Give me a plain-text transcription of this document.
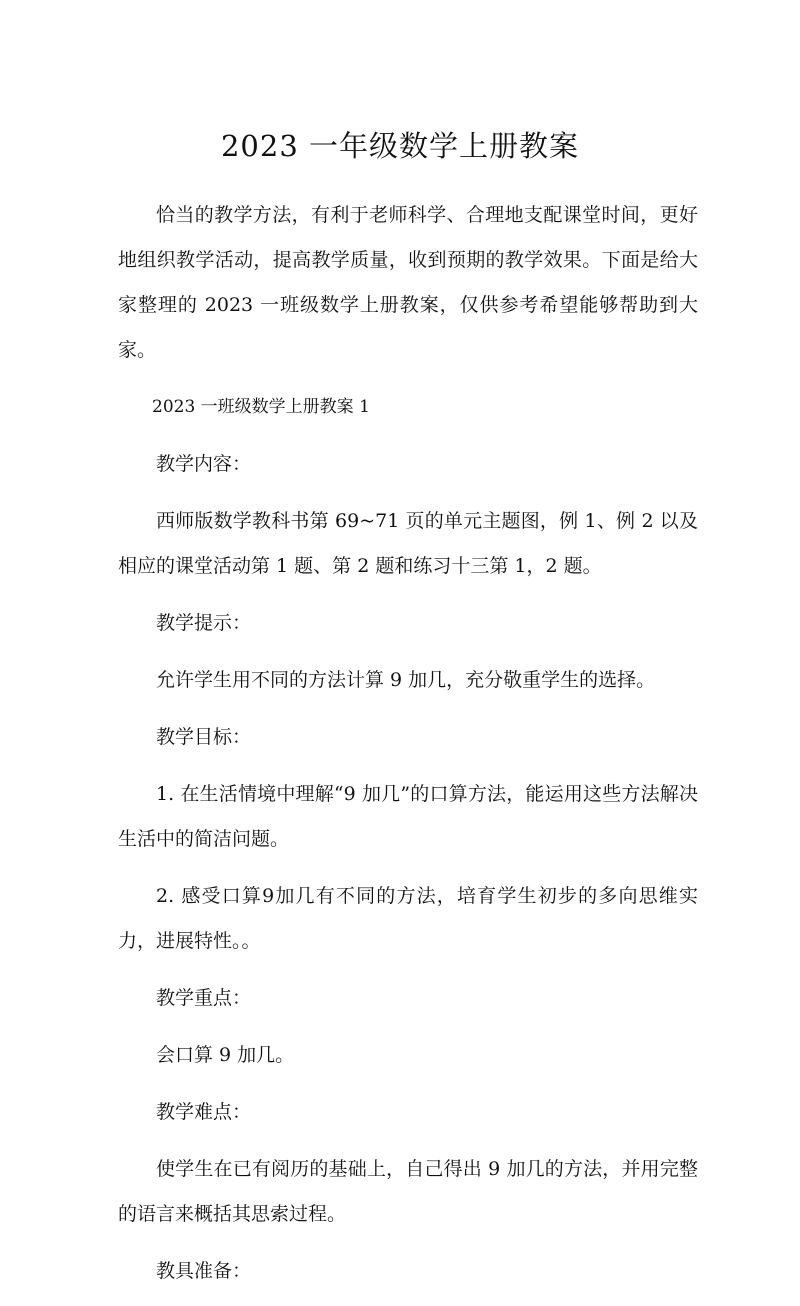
2023 一年级数学上册教案

恰当的教学方法，有利于老师科学、合理地支配课堂时间，更好地组织教学活动，提高教学质量，收到预期的教学效果。下面是给大家整理的 2023 一班级数学上册教案，仅供参考希望能够帮助到大家。

2023 一班级数学上册教案 1

教学内容：

西师版数学教科书第 69~71 页的单元主题图，例 1、例 2 以及相应的课堂活动第 1 题、第 2 题和练习十三第 1，2 题。

教学提示：

允许学生用不同的方法计算 9 加几，充分敬重学生的选择。

教学目标：

1. 在生活情境中理解“9 加几”的口算方法，能运用这些方法解决生活中的简洁问题。

2. 感受口算9加几有不同的方法，培育学生初步的多向思维实力，进展特性。。

教学重点：

会口算 9 加几。

教学难点：

使学生在已有阅历的基础上，自己得出 9 加几的方法，并用完整的语言来概括其思索过程。

教具准备：
